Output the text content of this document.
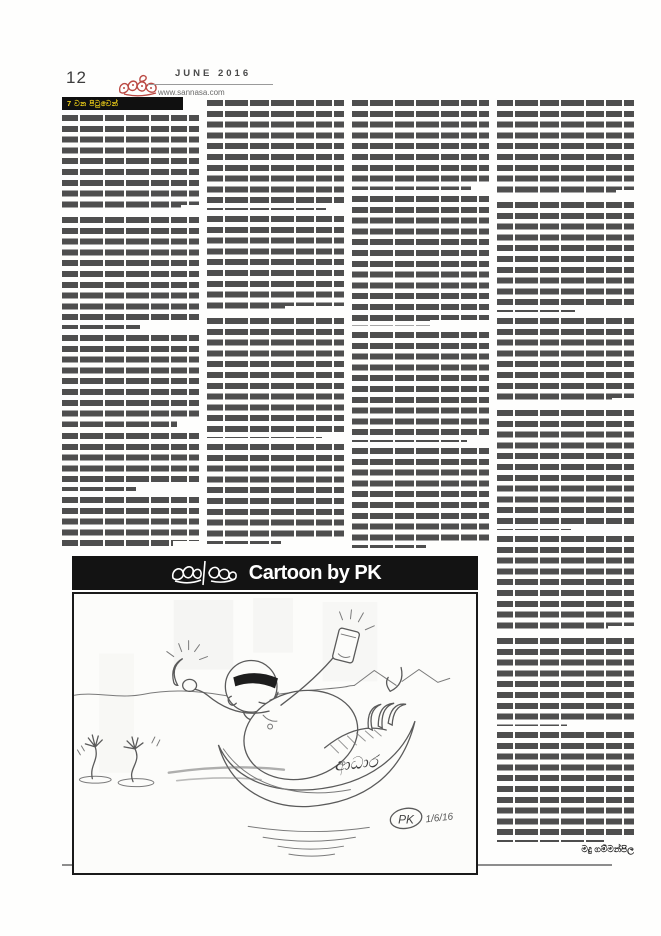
12	JUNE 2016
www.sannasa.com
7 වන පිටුවෙන්
මදු ගම්මන්පිල
Cartoon by PK
ආධාර
PK 1/6/16
